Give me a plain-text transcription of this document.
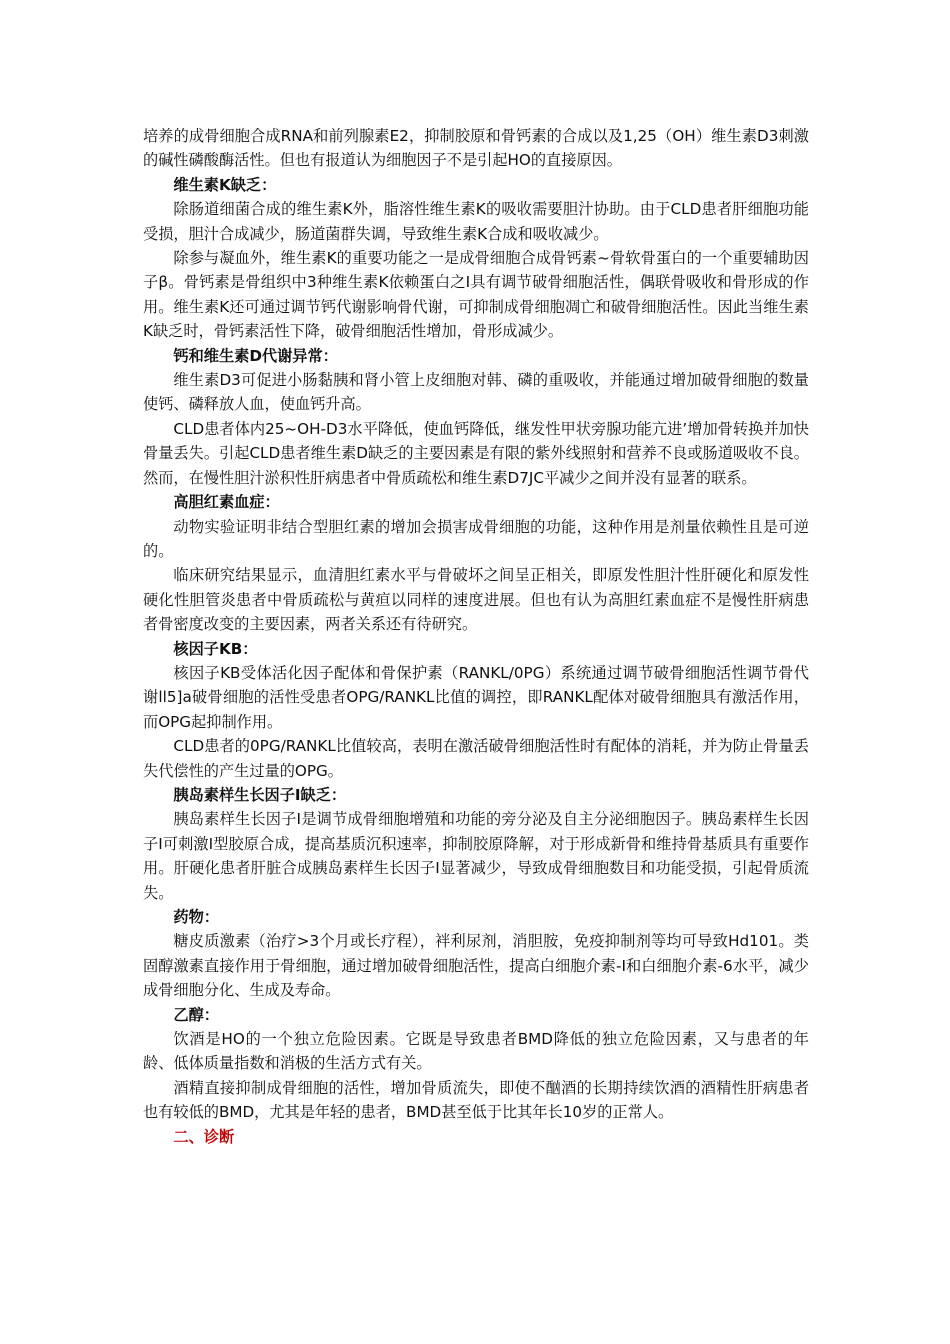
培养的成骨细胞合成RNA和前列腺素E2，抑制胶原和骨钙素的合成以及1,25（OH）维生素D3刺激的碱性磷酸酶活性。但也有报道认为细胞因子不是引起HO的直接原因。

维生素K缺乏：

除肠道细菌合成的维生素K外，脂溶性维生素K的吸收需要胆汁协助。由于CLD患者肝细胞功能受损，胆汁合成减少，肠道菌群失调，导致维生素K合成和吸收减少。

除参与凝血外，维生素K的重要功能之一是成骨细胞合成骨钙素~骨软骨蛋白的一个重要辅助因子β。骨钙素是骨组织中3种维生素K依赖蛋白之I具有调节破骨细胞活性，偶联骨吸收和骨形成的作用。维生素K还可通过调节钙代谢影响骨代谢，可抑制成骨细胞凋亡和破骨细胞活性。因此当维生素K缺乏时，骨钙素活性下降，破骨细胞活性增加，骨形成减少。

钙和维生素D代谢异常：

维生素D3可促进小肠黏胰和肾小管上皮细胞对韩、磷的重吸收，并能通过增加破骨细胞的数量使钙、磷释放人血，使血钙升高。

CLD患者体内25~OH-D3水平降低，使血钙降低，继发性甲状旁腺功能亢进’增加骨转换并加快骨量丢失。引起CLD患者维生素D缺乏的主要因素是有限的紫外线照射和营养不良或肠道吸收不良。然而，在慢性胆汁淤积性肝病患者中骨质疏松和维生素D7JC平减少之间并没有显著的联系。

高胆红素血症：

动物实验证明非结合型胆红素的增加会损害成骨细胞的功能，这种作用是剂量依赖性且是可逆的。

临床研究结果显示，血清胆红素水平与骨破坏之间呈正相关，即原发性胆汁性肝硬化和原发性硬化性胆管炎患者中骨质疏松与黄疸以同样的速度进展。但也有认为高胆红素血症不是慢性肝病患者骨密度改变的主要因素，两者关系还有待研究。

核因子KB：

核因子KB受体活化因子配体和骨保护素（RANKL/0PG）系统通过调节破骨细胞活性调节骨代谢ll5]a破骨细胞的活性受患者OPG/RANKL比值的调控，即RANKL配体对破骨细胞具有激活作用，而OPG起抑制作用。

CLD患者的0PG/RANKL比值较高，表明在激活破骨细胞活性时有配体的消耗，并为防止骨量丢失代偿性的产生过量的OPG。

胰岛素样生长因子I缺乏：

胰岛素样生长因子I是调节成骨细胞增殖和功能的旁分泌及自主分泌细胞因子。胰岛素样生长因子I可刺激I型胶原合成，提高基质沉积速率，抑制胶原降解，对于形成新骨和维持骨基质具有重要作用。肝硬化患者肝脏合成胰岛素样生长因子I显著减少，导致成骨细胞数目和功能受损，引起骨质流失。

药物：

糖皮质激素（治疗>3个月或长疗程），袢利尿剂，消胆胺，免疫抑制剂等均可导致Hd101。类固醇激素直接作用于骨细胞，通过增加破骨细胞活性，提高白细胞介素-I和白细胞介素-6水平，减少成骨细胞分化、生成及寿命。

乙醇：

饮酒是HO的一个独立危险因素。它既是导致患者BMD降低的独立危险因素，又与患者的年龄、低体质量指数和消极的生活方式有关。

酒精直接抑制成骨细胞的活性，增加骨质流失，即使不酗酒的长期持续饮酒的酒精性肝病患者也有较低的BMD，尤其是年轻的患者，BMD甚至低于比其年长10岁的正常人。

二、诊断
